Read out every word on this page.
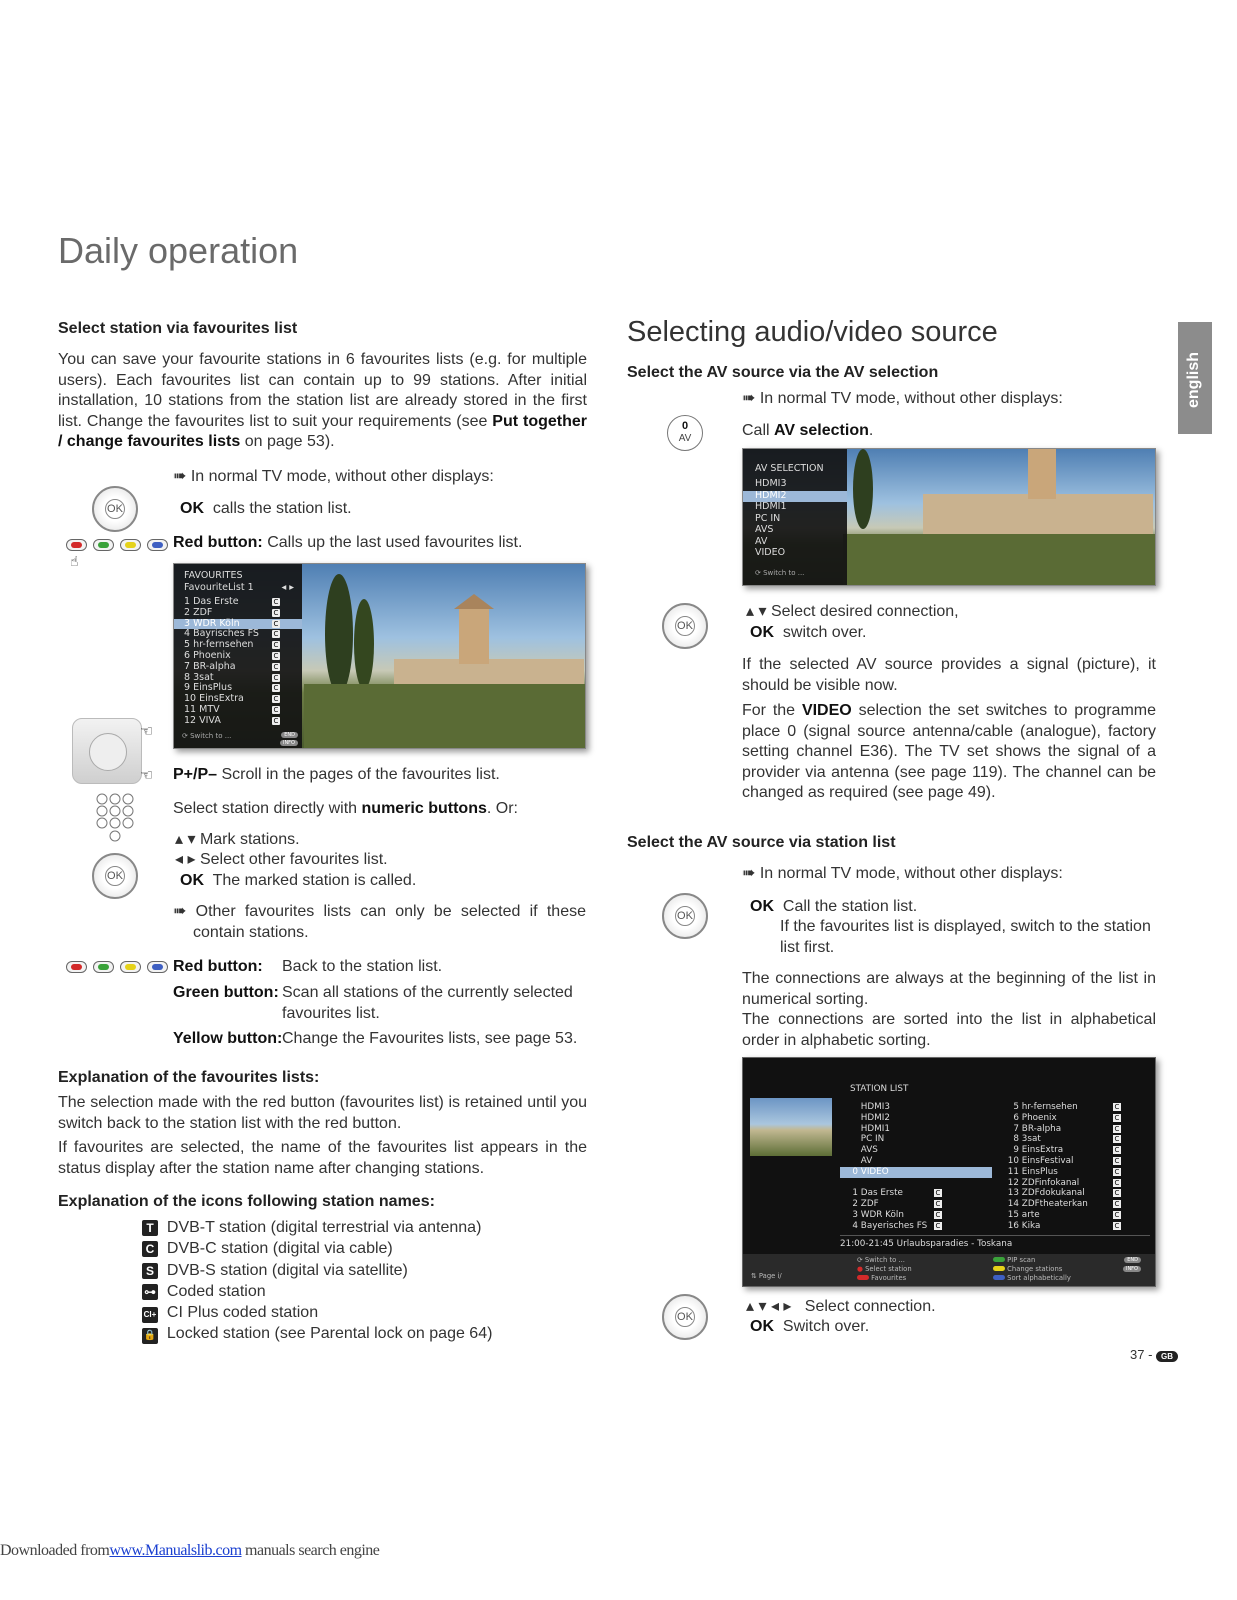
Daily operation
english
Select station via favourites list
You can save your favourite stations in 6 favourites lists (e.g. for multiple users). Each favourites list can contain up to 99 stations. After initial installation, 10 stations from the station list are already stored in the first list. Change the favourites list to suit your requirements (see Put together / change favourites lists on page 53).
➠ In normal TV mode, without other displays:
OK	OK calls the station list.
☝
Red button: Calls up the last used favourites list.
FAVOURITES
FavouriteList 1	◂ ▸
1 Das Erste	C
2 ZDF	C
3 WDR Köln	C
4 Bayrisches FS C
5 hr-fernsehen	C
6 Phoenix	C
7 BR-alpha	C
8 3sat	C
9 EinsPlus	C
10 EinsExtra	C
11 MTV	C
12 VIVA	C
⟳ Switch to ...	END
INFO
☜
☜ P+/P– Scroll in the pages of the favourites list.
Select station directly with numeric buttons. Or:
OK
▴ ▾ Mark stations.
◂ ▸ Select other favourites list.
OK The marked station is called.
➠ Other favourites lists can only be selected if these contain stations.
Red button: Back to the station list.
Green button: Scan all stations of the currently selected favourites list.
Yellow button: Change the Favourites lists, see page 53.
Explanation of the favourites lists:
The selection made with the red button (favourites list) is retained until you switch back to the station list with the red button.
If favourites are selected, the name of the favourites list appears in the status display after the station name after changing stations.
Explanation of the icons following station names:
T DVB-T station (digital terrestrial via antenna)
C DVB-C station (digital via cable)
S DVB-S station (digital via satellite)
⊶ Coded station
CI+ CI Plus coded station
🔒 Locked station (see Parental lock on page 64)
Selecting audio/video source
Select the AV source via the AV selection
➠ In normal TV mode, without other displays:
0
AV	Call AV selection.
AV SELECTION
HDMI3
HDMI2
HDMI1
PC IN
AVS
AV
VIDEO
⟳ Switch to ...
OK
▴ ▾ Select desired connection,
OK switch over.
If the selected AV source provides a signal (picture), it should be visible now.
For the VIDEO selection the set switches to programme place 0 (signal source antenna/cable (analogue), factory setting channel E36). The TV set shows the signal of a provider via antenna (see page 119). The channel can be changed as required (see page 49).
Select the AV source via station list
➠ In normal TV mode, without other displays:
OK
OK Call the station list.
If the favourites list is displayed, switch to the station list first.
The connections are always at the beginning of the list in numerical sorting.
The connections are sorted into the list in alphabetical order in alphabetic sorting.
STATION LIST
HDMI3
HDMI2
HDMI1
PC IN
AVS
AV
0 VIDEO
1 Das Erste	C
2 ZDF	C
3 WDR Köln	C
4 Bayerisches FS C
5 hr-fernsehen	C
6 Phoenix	C
7 BR-alpha	C
8 3sat	C
9 EinsExtra	C
10 EinsFestival	C
11 EinsPlus	C
12 ZDFinfokanal	C
13 ZDFdokukanal	C
14 ZDFtheaterkan	C
15 arte	C
16 Kika	C
21:00-21:45 Urlaubsparadies - Toskana
⇅ Page i/
⟳ Switch to ...
● Select station
Favourites
PIP scan
Change stations
Sort alphabetically
END
INFO
OK
▴ ▾ ◂ ▸   Select connection.
OK Switch over.
37 - GB
Downloaded fromwww.Manualslib.com manuals search engine
